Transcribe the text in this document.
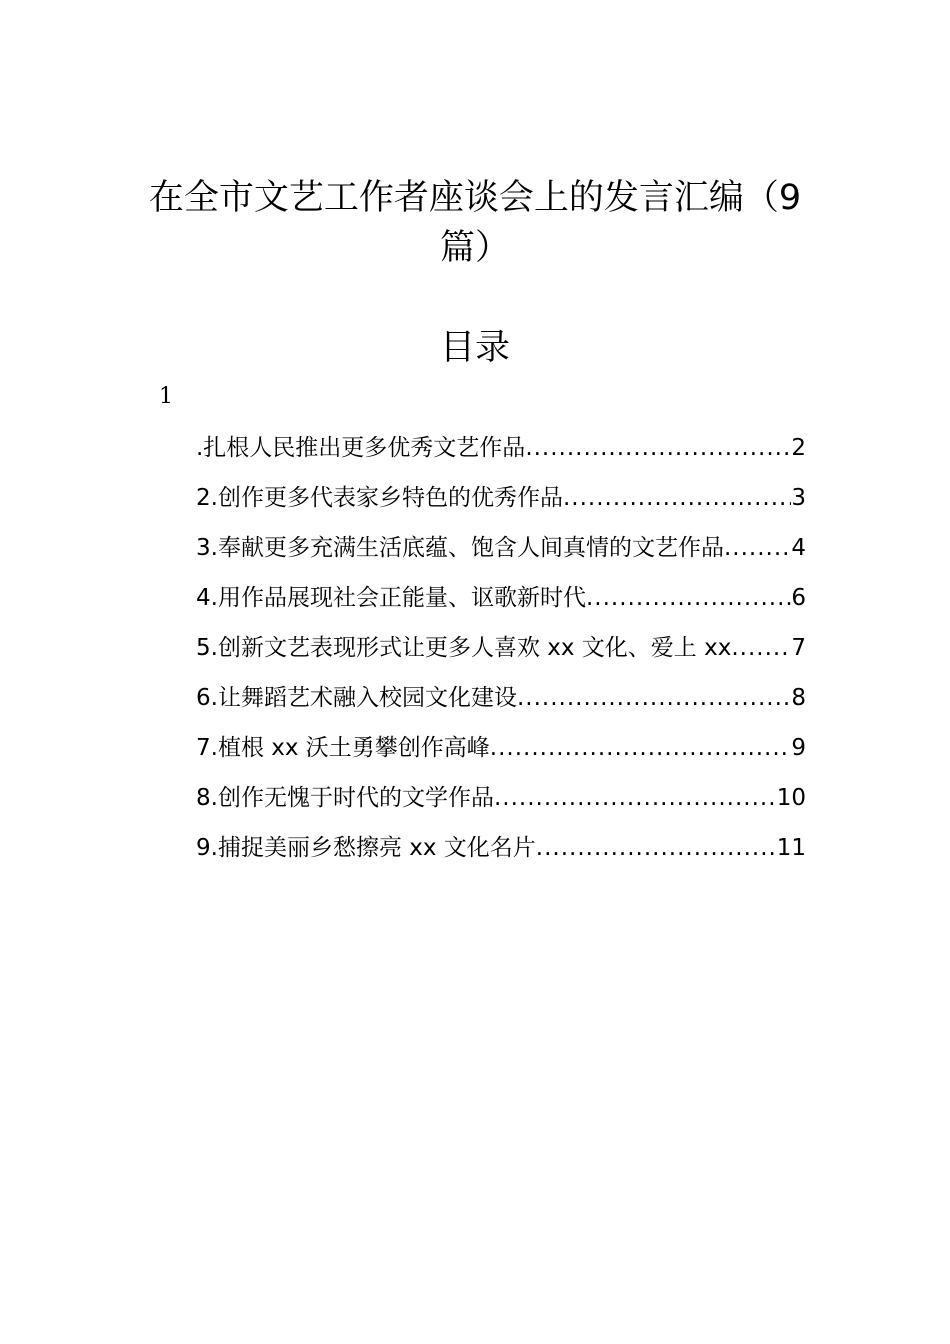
在全市文艺工作者座谈会上的发言汇编（9
篇）
目录
1
.扎根人民推出更多优秀文艺作品 .....	2
2.创作更多代表家乡特色的优秀作品 .....	3
3.奉献更多充满生活底蕴、饱含人间真情的文艺作品 .....	4
4.用作品展现社会正能量、讴歌新时代 .....	6
5.创新文艺表现形式让更多人喜欢 xx 文化、爱上 xx .....	7
6.让舞蹈艺术融入校园文化建设 .....	8
7.植根 xx 沃土勇攀创作高峰 .....	9
8.创作无愧于时代的文学作品 .....	10
9.捕捉美丽乡愁擦亮 xx 文化名片 .....	11
